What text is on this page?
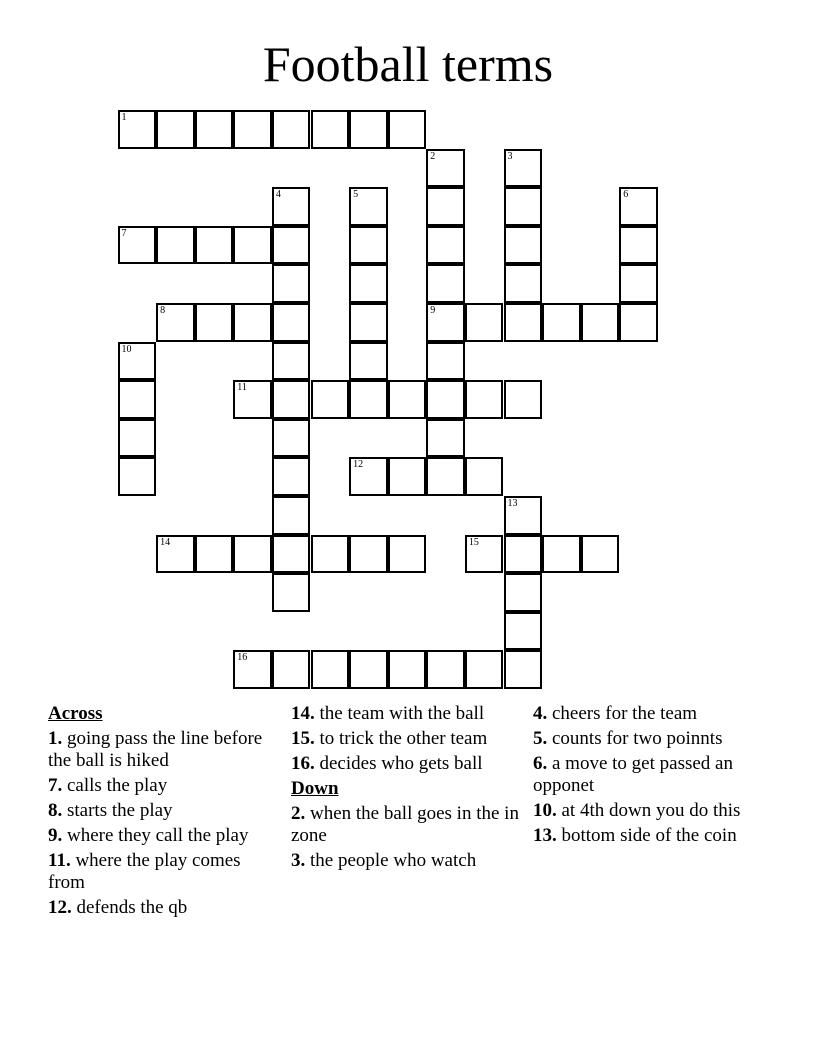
Football terms
1
2	3
4	5	6
7
8	9
10
11
12
13
14	15
16
Across
1. going pass the line before the ball is hiked
7. calls the play
8. starts the play
9. where they call the play
11. where the play comes from
12. defends the qb
14. the team with the ball
15. to trick the other team
16. decides who gets ball
Down
2. when the ball goes in the in zone
3. the people who watch
4. cheers for the team
5. counts for two poinnts
6. a move to get passed an opponet
10. at 4th down you do this
13. bottom side of the coin
